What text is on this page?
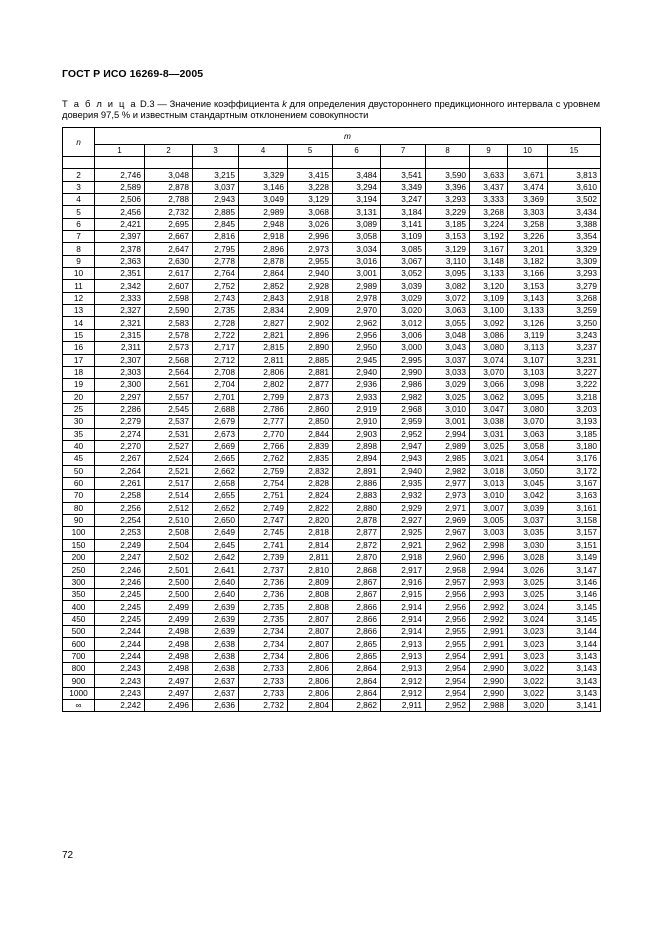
ГОСТ Р ИСО 16269-8—2005
Т а б л и ц а D.3 — Значение коэффициента k для определения двустороннего предикционного интервала с уровнем доверия 97,5 % и известным стандартным отклонением совокупности
n	m										
	1	2	3	4	5	6	7	8	9	10	15

2	2,746	3,048	3,215	3,329	3,415	3,484	3,541	3,590	3,633	3,671	3,813
3	2,589	2,878	3,037	3,146	3,228	3,294	3,349	3,396	3,437	3,474	3,610
4	2,506	2,788	2,943	3,049	3,129	3,194	3,247	3,293	3,333	3,369	3,502
5	2,456	2,732	2,885	2,989	3,068	3,131	3,184	3,229	3,268	3,303	3,434
6	2,421	2,695	2,845	2,948	3,026	3,089	3,141	3,185	3,224	3,258	3,388
7	2,397	2,667	2,816	2,918	2,996	3,058	3,109	3,153	3,192	3,226	3,354
8	2,378	2,647	2,795	2,896	2,973	3,034	3,085	3,129	3,167	3,201	3,329
9	2,363	2,630	2,778	2,878	2,955	3,016	3,067	3,110	3,148	3,182	3,309
10	2,351	2,617	2,764	2,864	2,940	3,001	3,052	3,095	3,133	3,166	3,293
11	2,342	2,607	2,752	2,852	2,928	2,989	3,039	3,082	3,120	3,153	3,279
12	2,333	2,598	2,743	2,843	2,918	2,978	3,029	3,072	3,109	3,143	3,268
13	2,327	2,590	2,735	2,834	2,909	2,970	3,020	3,063	3,100	3,133	3,259
14	2,321	2,583	2,728	2,827	2,902	2,962	3,012	3,055	3,092	3,126	3,250
15	2,315	2,578	2,722	2,821	2,896	2,956	3,006	3,048	3,086	3,119	3,243
16	2,311	2,573	2,717	2,815	2,890	2,950	3,000	3,043	3,080	3,113	3,237
17	2,307	2,568	2,712	2,811	2,885	2,945	2,995	3,037	3,074	3,107	3,231
18	2,303	2,564	2,708	2,806	2,881	2,940	2,990	3,033	3,070	3,103	3,227
19	2,300	2,561	2,704	2,802	2,877	2,936	2,986	3,029	3,066	3,098	3,222
20	2,297	2,557	2,701	2,799	2,873	2,933	2,982	3,025	3,062	3,095	3,218
25	2,286	2,545	2,688	2,786	2,860	2,919	2,968	3,010	3,047	3,080	3,203
30	2,279	2,537	2,679	2,777	2,850	2,910	2,959	3,001	3,038	3,070	3,193
35	2,274	2,531	2,673	2,770	2,844	2,903	2,952	2,994	3,031	3,063	3,185
40	2,270	2,527	2,669	2,766	2,839	2,898	2,947	2,989	3,025	3,058	3,180
45	2,267	2,524	2,665	2,762	2,835	2,894	2,943	2,985	3,021	3,054	3,176
50	2,264	2,521	2,662	2,759	2,832	2,891	2,940	2,982	3,018	3,050	3,172
60	2,261	2,517	2,658	2,754	2,828	2,886	2,935	2,977	3,013	3,045	3,167
70	2,258	2,514	2,655	2,751	2,824	2,883	2,932	2,973	3,010	3,042	3,163
80	2,256	2,512	2,652	2,749	2,822	2,880	2,929	2,971	3,007	3,039	3,161
90	2,254	2,510	2,650	2,747	2,820	2,878	2,927	2,969	3,005	3,037	3,158
100	2,253	2,508	2,649	2,745	2,818	2,877	2,925	2,967	3,003	3,035	3,157
150	2,249	2,504	2,645	2,741	2,814	2,872	2,921	2,962	2,998	3,030	3,151
200	2,247	2,502	2,642	2,739	2,811	2,870	2,918	2,960	2,996	3,028	3,149
250	2,246	2,501	2,641	2,737	2,810	2,868	2,917	2,958	2,994	3,026	3,147
300	2,246	2,500	2,640	2,736	2,809	2,867	2,916	2,957	2,993	3,025	3,146
350	2,245	2,500	2,640	2,736	2,808	2,867	2,915	2,956	2,993	3,025	3,146
400	2,245	2,499	2,639	2,735	2,808	2,866	2,914	2,956	2,992	3,024	3,145
450	2,245	2,499	2,639	2,735	2,807	2,866	2,914	2,956	2,992	3,024	3,145
500	2,244	2,498	2,639	2,734	2,807	2,866	2,914	2,955	2,991	3,023	3,144
600	2,244	2,498	2,638	2,734	2,807	2,865	2,913	2,955	2,991	3,023	3,144
700	2,244	2,498	2,638	2,734	2,806	2,865	2,913	2,954	2,991	3,023	3,143
800	2,243	2,498	2,638	2,733	2,806	2,864	2,913	2,954	2,990	3,022	3,143
900	2,243	2,497	2,637	2,733	2,806	2,864	2,912	2,954	2,990	3,022	3,143
1000	2,243	2,497	2,637	2,733	2,806	2,864	2,912	2,954	2,990	3,022	3,143
∞	2,242	2,496	2,636	2,732	2,804	2,862	2,911	2,952	2,988	3,020	3,141
72
